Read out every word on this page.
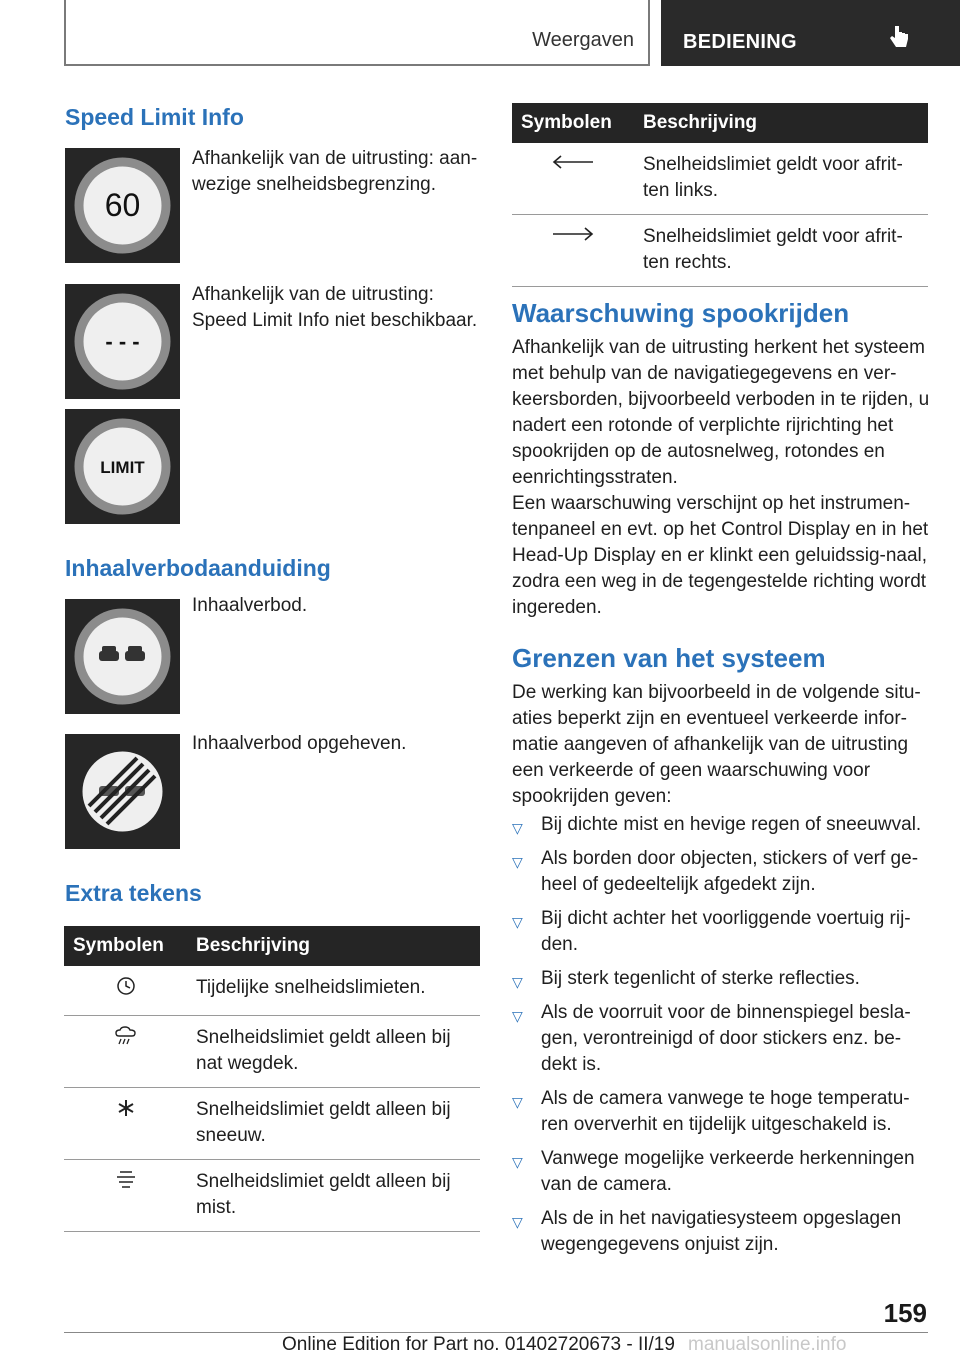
Weergaven BEDIENING
Speed Limit Info
60
Afhankelijk van de uitrusting: aan-wezige snelheidsbegrenzing.
- - -
Afhankelijk van de uitrusting: Speed Limit Info niet beschikbaar.
LIMIT
Inhaalverbodaanduiding
Inhaalverbod.
Inhaalverbod opgeheven.
Extra tekens
Symbolen	Beschrijving
	Tijdelijke snelheidslimieten.
	Snelheidslimiet geldt alleen bij nat wegdek.
	Snelheidslimiet geldt alleen bij sneeuw.
	Snelheidslimiet geldt alleen bij mist.
Symbolen	Beschrijving
	Snelheidslimiet geldt voor afrit-ten links.
	Snelheidslimiet geldt voor afrit-ten rechts.
Waarschuwing spookrijden

Afhankelijk van de uitrusting herkent het systeem met behulp van de navigatiegegevens en ver-keersborden, bijvoorbeeld verboden in te rijden, u nadert een rotonde of verplichte rijrichting het spookrijden op de autosnelweg, rotondes en eenrichtingsstraten.

Een waarschuwing verschijnt op het instrumen-tenpaneel en evt. op het Control Display en in het Head-Up Display en er klinkt een geluidssig-naal, zodra een weg in de tegengestelde richting wordt ingereden.

Grenzen van het systeem

De werking kan bijvoorbeeld in de volgende situ-aties beperkt zijn en eventueel verkeerde infor-matie aangeven of afhankelijk van de uitrusting een verkeerde of geen waarschuwing voor spookrijden geven:

▽ Bij dichte mist en hevige regen of sneeuwval.
▽ Als borden door objecten, stickers of verf ge-heel of gedeeltelijk afgedekt zijn.
▽ Bij dicht achter het voorliggende voertuig rij-den.
▽ Bij sterk tegenlicht of sterke reflecties.
▽ Als de voorruit voor de binnenspiegel besla-gen, verontreinigd of door stickers enz. be-dekt is.
▽ Als de camera vanwege te hoge temperatu-ren oververhit en tijdelijk uitgeschakeld is.
▽ Vanwege mogelijke verkeerde herkenningen van de camera.
▽ Als de in het navigatiesysteem opgeslagen wegengegevens onjuist zijn.
159
Online Edition for Part no. 01402720673 - II/19 manualsonline.info
